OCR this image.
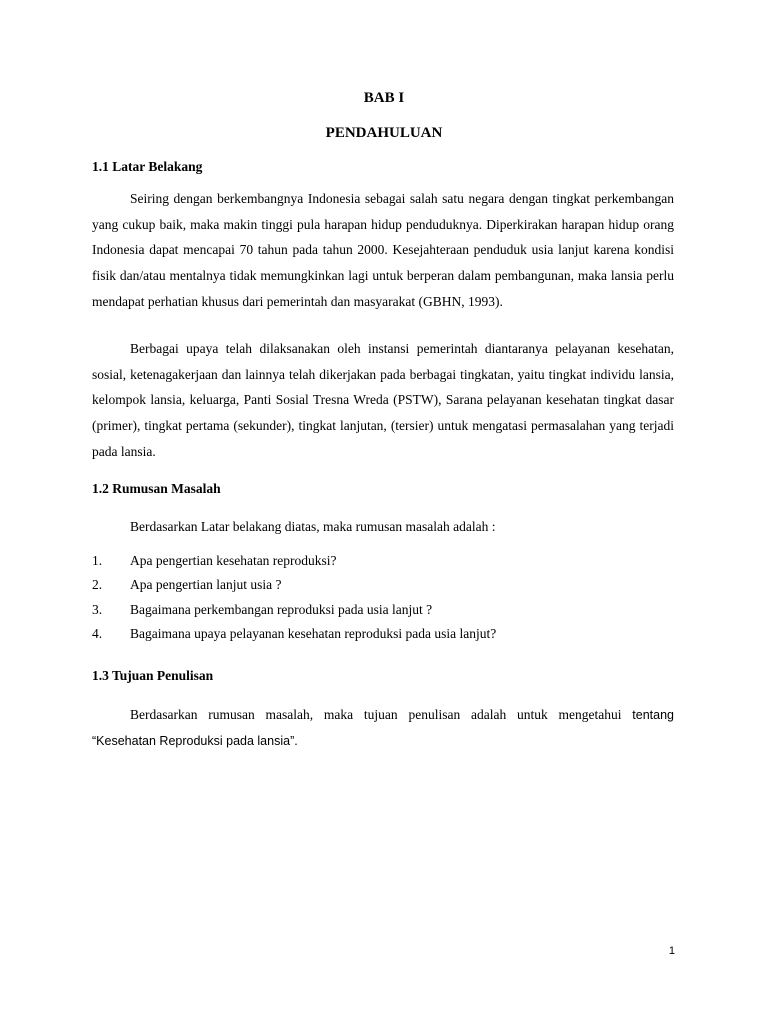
BAB I
PENDAHULUAN
1.1 Latar Belakang

Seiring dengan berkembangnya Indonesia sebagai salah satu negara dengan tingkat perkembangan yang cukup baik, maka makin tinggi pula harapan hidup penduduknya. Diperkirakan harapan hidup orang Indonesia dapat mencapai 70 tahun pada tahun 2000. Kesejahteraan penduduk usia lanjut karena kondisi fisik dan/atau mentalnya tidak memungkinkan lagi untuk berperan dalam pembangunan, maka lansia perlu mendapat perhatian khusus dari pemerintah dan masyarakat (GBHN, 1993).

Berbagai upaya telah dilaksanakan oleh instansi pemerintah diantaranya pelayanan kesehatan, sosial, ketenagakerjaan dan lainnya telah dikerjakan pada berbagai tingkatan, yaitu tingkat individu lansia, kelompok lansia, keluarga, Panti Sosial Tresna Wreda (PSTW), Sarana pelayanan kesehatan tingkat dasar (primer), tingkat pertama (sekunder), tingkat lanjutan, (tersier) untuk mengatasi permasalahan yang terjadi pada lansia.

1.2 Rumusan Masalah

Berdasarkan Latar belakang diatas, maka rumusan masalah adalah :

1.	Apa pengertian kesehatan reproduksi?
2.	Apa pengertian lanjut usia ?
3.	Bagaimana perkembangan reproduksi pada usia lanjut ?
4.	Bagaimana upaya pelayanan kesehatan reproduksi pada usia lanjut?
1.3 Tujuan Penulisan

Berdasarkan rumusan masalah, maka tujuan penulisan adalah untuk mengetahui tentang “Kesehatan Reproduksi pada lansia”.

1
